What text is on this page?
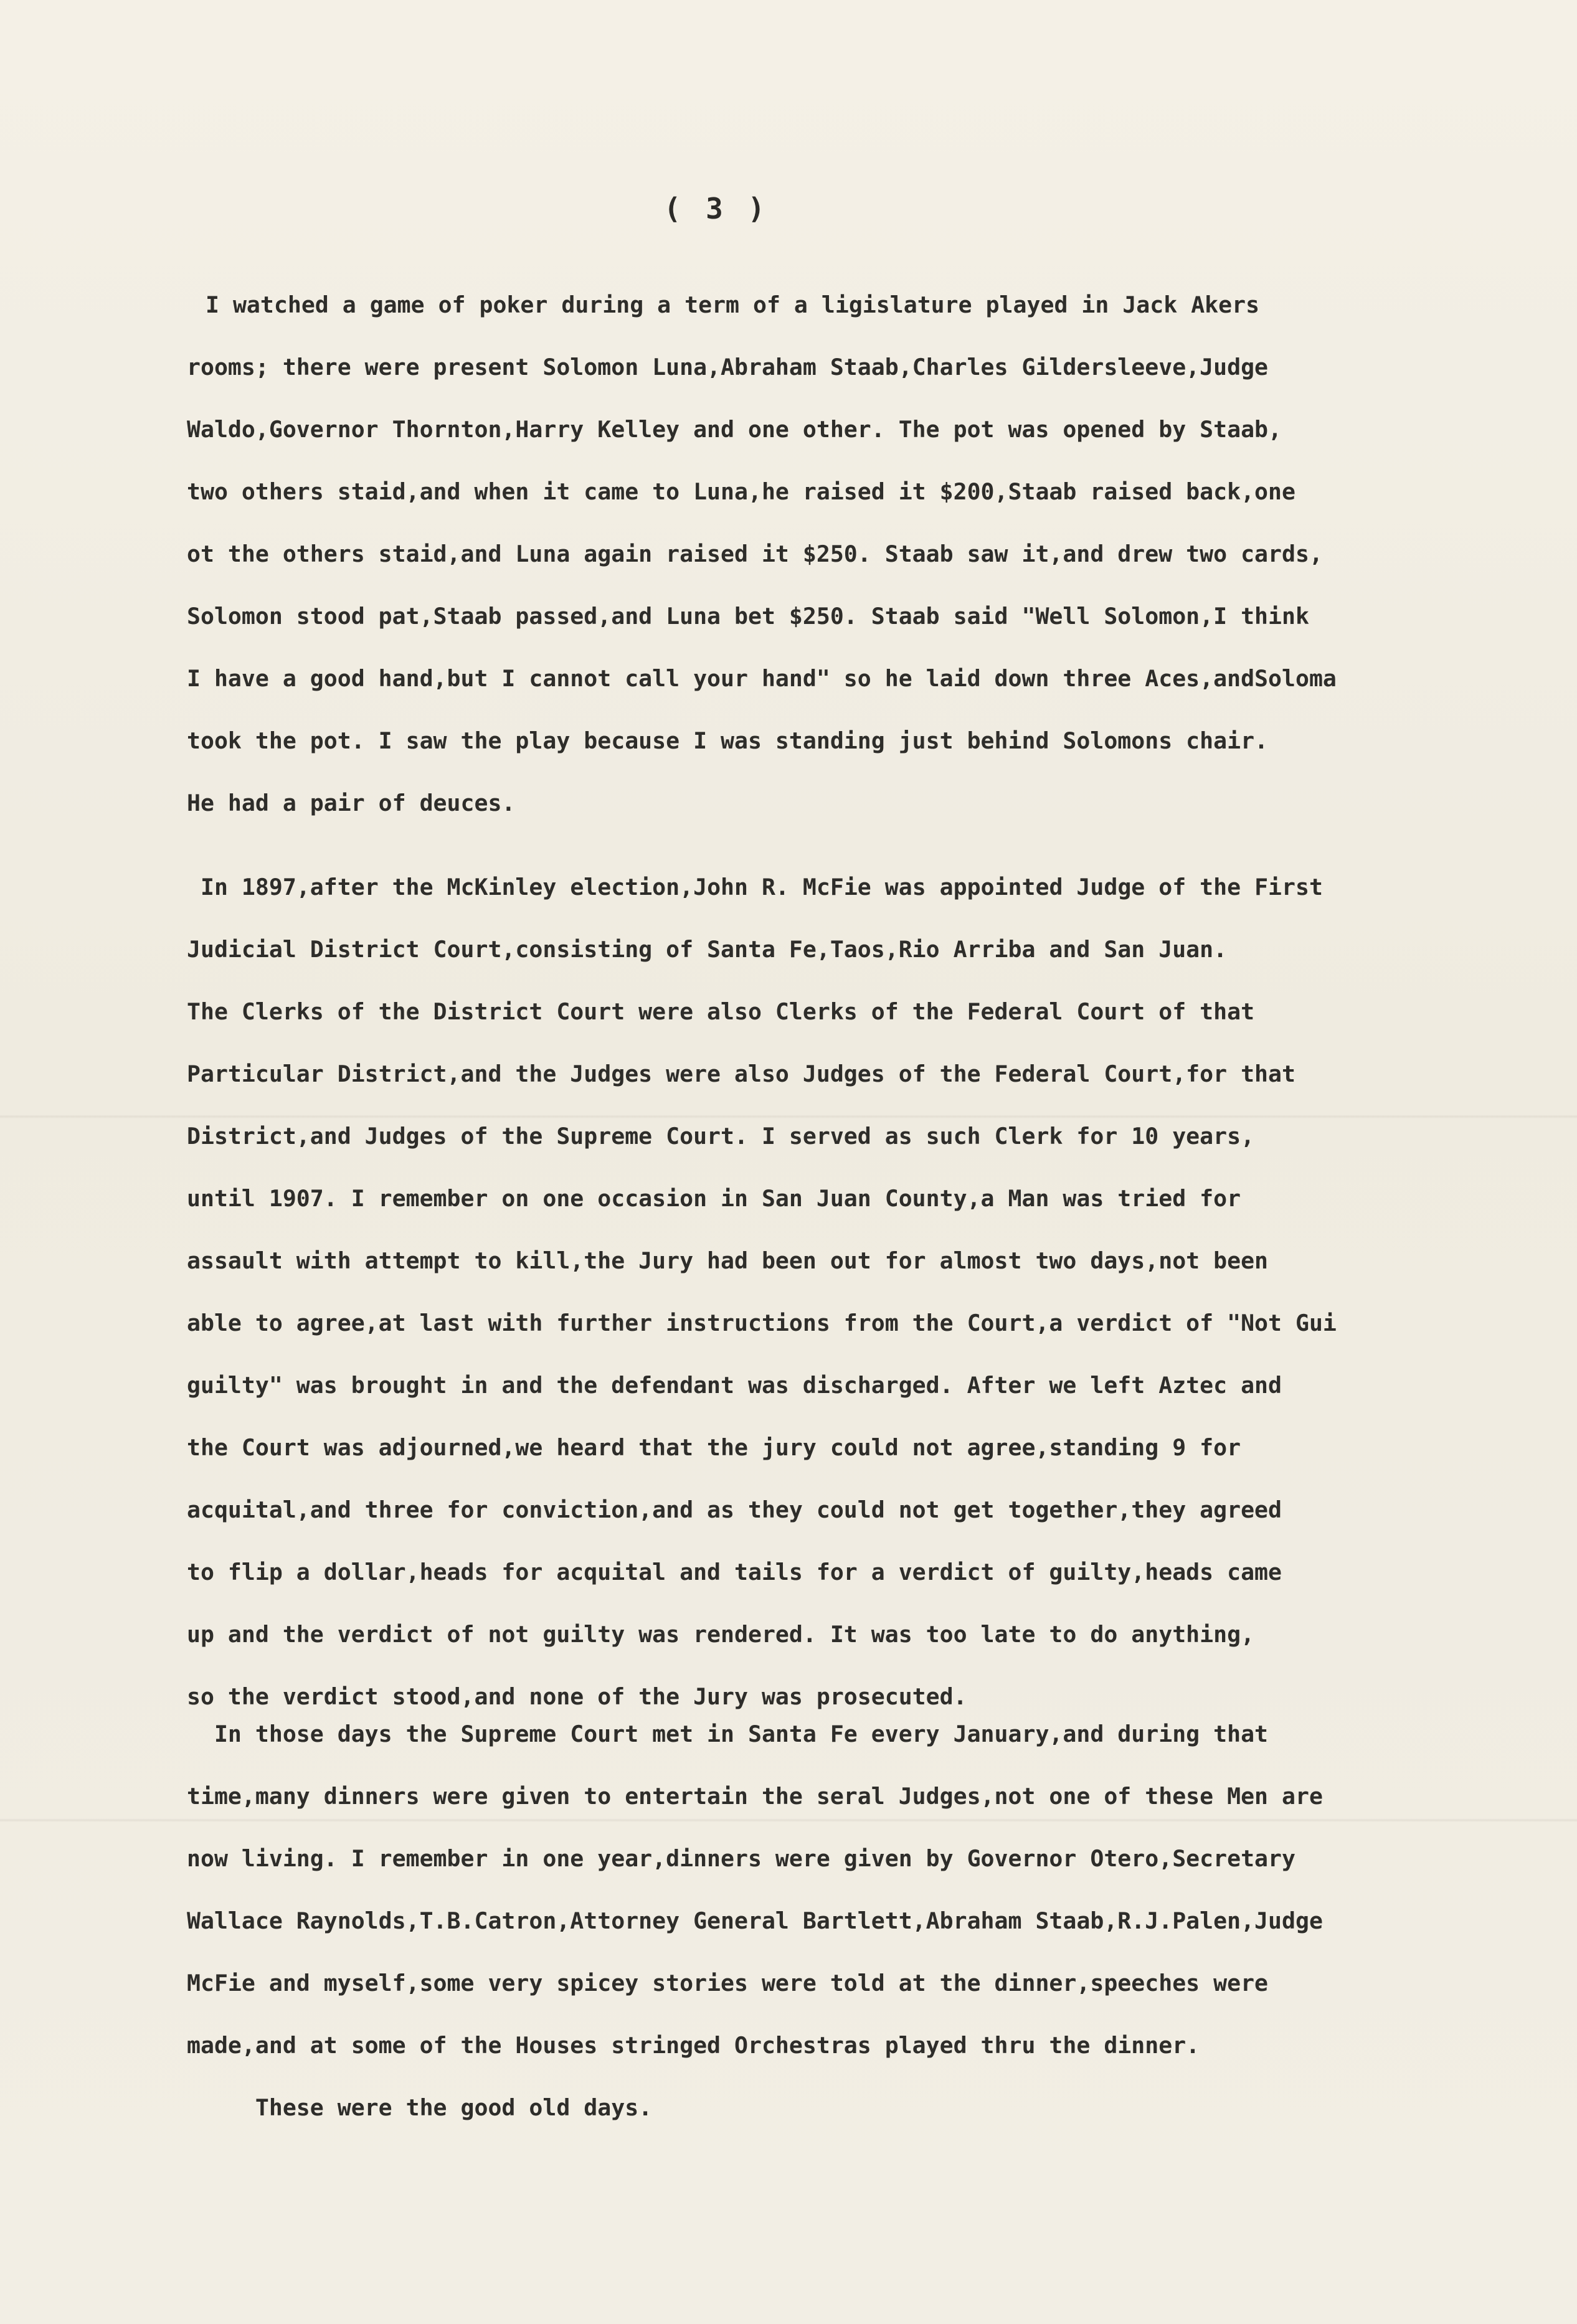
( 3 )
I watched a game of poker during a term of a ligislature played in Jack Akers
rooms; there were present Solomon Luna,Abraham Staab,Charles Gildersleeve,Judge
Waldo,Governor Thornton,Harry Kelley and one other. The pot was opened by Staab,
two others staid,and when it came to Luna,he raised it $200,Staab raised back,one
ot the others staid,and Luna again raised it $250. Staab saw it,and drew two cards,
Solomon stood pat,Staab passed,and Luna bet $250. Staab said "Well Solomon,I think
I have a good hand,but I cannot call your hand" so he laid down three Aces,andSoloma
took the pot. I saw the play because I was standing just behind Solomons chair.
He had a pair of deuces.
In 1897,after the McKinley election,John R. McFie was appointed Judge of the First
Judicial District Court,consisting of Santa Fe,Taos,Rio Arriba and San Juan.
The Clerks of the District Court were also Clerks of the Federal Court of that
Particular District,and the Judges were also Judges of the Federal Court,for that
District,and Judges of the Supreme Court. I served as such Clerk for 10 years,
until 1907. I remember on one occasion in San Juan County,a Man was tried for
assault with attempt to kill,the Jury had been out for almost two days,not been
able to agree,at last with further instructions from the Court,a verdict of "Not Gui
guilty" was brought in and the defendant was discharged. After we left Aztec and
the Court was adjourned,we heard that the jury could not agree,standing 9 for
acquital,and three for conviction,and as they could not get together,they agreed
to flip a dollar,heads for acquital and tails for a verdict of guilty,heads came
up and the verdict of not guilty was rendered. It was too late to do anything,
so the verdict stood,and none of the Jury was prosecuted.
In those days the Supreme Court met in Santa Fe every January,and during that
time,many dinners were given to entertain the seral Judges,not one of these Men are
now living. I remember in one year,dinners were given by Governor Otero,Secretary
Wallace Raynolds,T.B.Catron,Attorney General Bartlett,Abraham Staab,R.J.Palen,Judge
McFie and myself,some very spicey stories were told at the dinner,speeches were
made,and at some of the Houses stringed Orchestras played thru the dinner.
These were the good old days.
